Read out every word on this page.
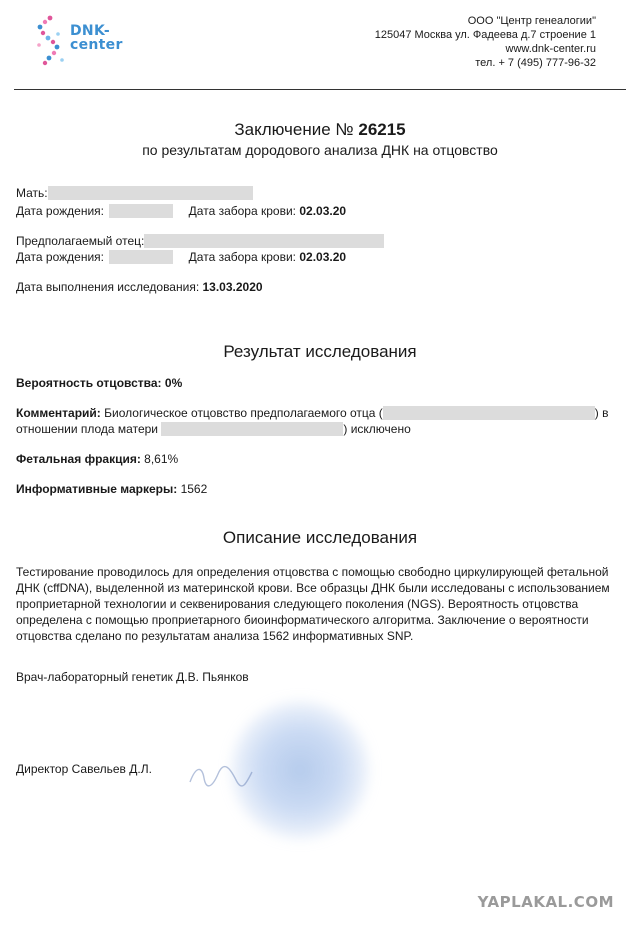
DNK-
center
ООО "Центр генеалогии"
125047 Москва ул. Фадеева д.7 строение 1
www.dnk-center.ru
тел. + 7 (495) 777-96-32
Заключение № 26215
по результатам дородового анализа ДНК на отцовство
Мать:
Дата рождения:	Дата забора крови: 02.03.20
Предполагаемый отец:
Дата рождения:	Дата забора крови: 02.03.20
Дата выполнения исследования: 13.03.2020
Результат исследования
Вероятность отцовства: 0%
Комментарий: Биологическое отцовство предполагаемого отца (	) в
отношении плода матери	) исключено
Фетальная фракция: 8,61%
Информативные маркеры: 1562
Описание исследования
Тестирование проводилось для определения отцовства с помощью свободно циркулирующей фетальной
ДНК (cffDNA), выделенной из материнской крови. Все образцы ДНК были исследованы с использованием
проприетарной технологии и секвенирования следующего поколения (NGS). Вероятность отцовства
определена с помощью проприетарного биоинформатического алгоритма. Заключение о вероятности
отцовства сделано по результатам анализа 1562 информативных SNP.
Врач-лабораторный генетик Д.В. Пьянков
Директор Савельев Д.Л.
YAPLAKAL.COM
